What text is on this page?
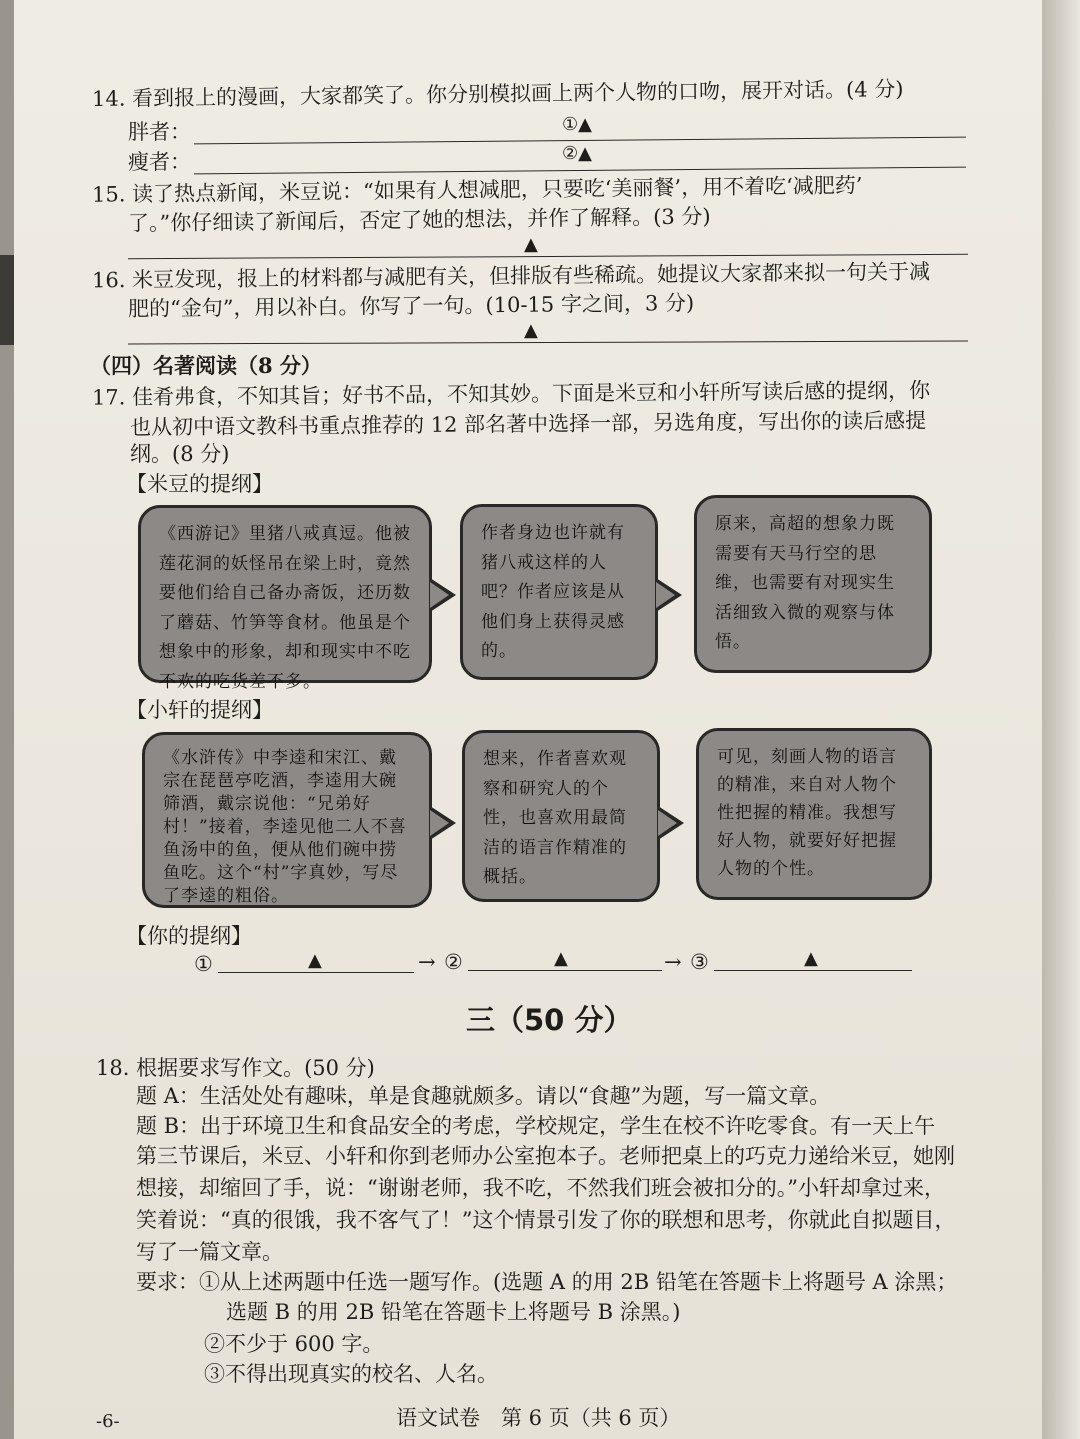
14. 看到报上的漫画，大家都笑了。你分别模拟画上两个人物的口吻，展开对话。(4 分)
胖者：	①▲
瘦者：	②▲
15. 读了热点新闻，米豆说：“如果有人想减肥，只要吃‘美丽餐’，用不着吃‘减肥药’
了。”你仔细读了新闻后，否定了她的想法，并作了解释。(3 分)
▲
16. 米豆发现，报上的材料都与减肥有关，但排版有些稀疏。她提议大家都来拟一句关于减
肥的“金句”，用以补白。你写了一句。(10-15 字之间，3 分)
▲
（四）名著阅读（8 分）
17. 佳肴弗食，不知其旨；好书不品，不知其妙。下面是米豆和小轩所写读后感的提纲，你
也从初中语文教科书重点推荐的 12 部名著中选择一部，另选角度，写出你的读后感提
纲。(8 分)
【米豆的提纲】
《西游记》里猪八戒真逗。他被莲花洞的妖怪吊在梁上时，竟然要他们给自己备办斋饭，还历数了蘑菇、竹笋等食材。他虽是个想象中的形象，却和现实中不吃不欢的吃货差不多。
作者身边也许就有猪八戒这样的人吧？作者应该是从他们身上获得灵感的。
原来，高超的想象力既需要有天马行空的思维，也需要有对现实生活细致入微的观察与体悟。
【小轩的提纲】
《水浒传》中李逵和宋江、戴宗在琵琶亭吃酒，李逵用大碗筛酒，戴宗说他：“兄弟好村！”接着，李逵见他二人不喜鱼汤中的鱼，便从他们碗中捞鱼吃。这个“村”字真妙，写尽了李逵的粗俗。
想来，作者喜欢观察和研究人的个性，也喜欢用最简洁的语言作精准的概括。
可见，刻画人物的语言的精准，来自对人物个性把握的精准。我想写好人物，就要好好把握人物的个性。
【你的提纲】
①	▲	→ ②	▲	→ ③	▲
三（50 分）
18. 根据要求写作文。(50 分)
题 A：生活处处有趣味，单是食趣就颇多。请以“食趣”为题，写一篇文章。
题 B：出于环境卫生和食品安全的考虑，学校规定，学生在校不许吃零食。有一天上午
第三节课后，米豆、小轩和你到老师办公室抱本子。老师把桌上的巧克力递给米豆，她刚
想接，却缩回了手，说：“谢谢老师，我不吃，不然我们班会被扣分的。”小轩却拿过来，
笑着说：“真的很饿，我不客气了！”这个情景引发了你的联想和思考，你就此自拟题目，
写了一篇文章。
要求：①从上述两题中任选一题写作。(选题 A 的用 2B 铅笔在答题卡上将题号 A 涂黑；
选题 B 的用 2B 铅笔在答题卡上将题号 B 涂黑。)
②不少于 600 字。
③不得出现真实的校名、人名。
-6-	语文试卷　第 6 页（共 6 页）
